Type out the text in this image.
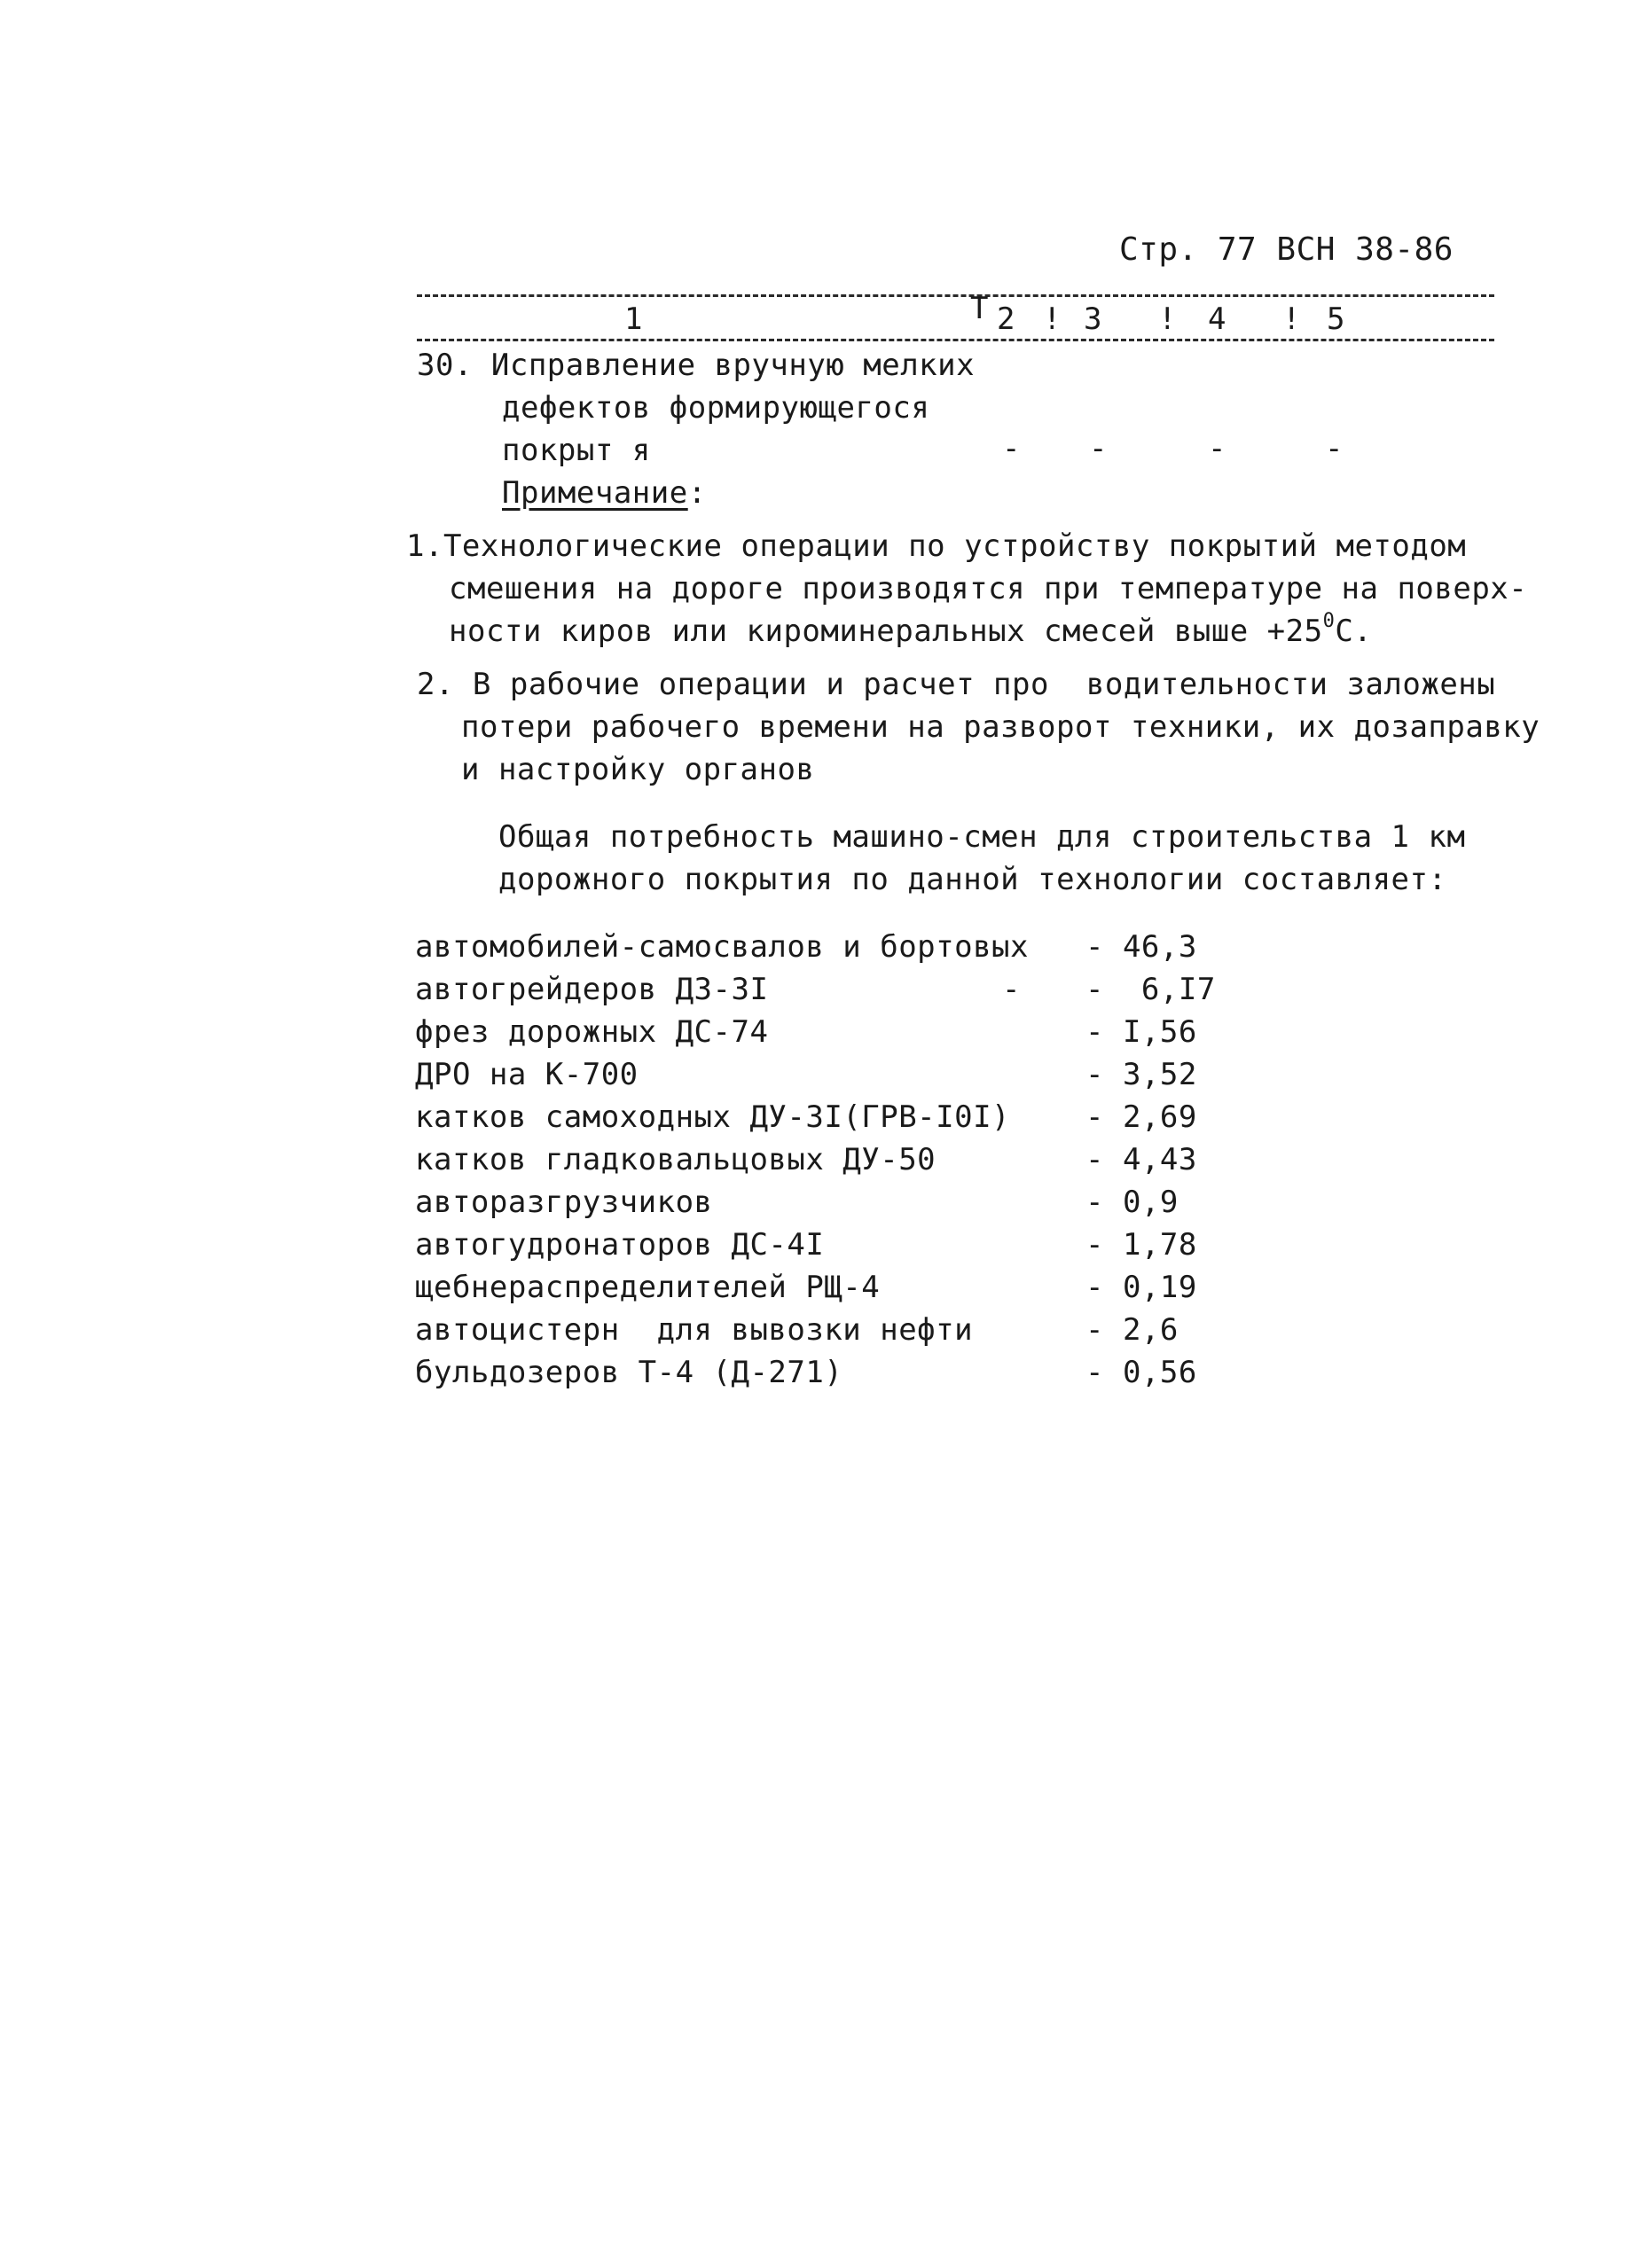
Стр. 77 ВСН 38-86
1	Т 2 ! 3 ! 4 ! 5
30. Исправление вручную мелких
дефектов формирующегося
покрыт я	- -	-	-
Примечание:
1.Технологические операции по устройству покрытий методом
смешения на дороге производятся при температуре на поверх-
ности киров или кироминеральных смесей выше $+25^0С$.
2. В рабочие операции и расчет про  водительности заложены
потери рабочего времени на разворот техники, их дозаправку
и настройку органов
Общая потребность машино-смен для строительства 1 км
дорожного покрытия по данной технологии составляет:
автомобилей-самосвалов и бортовых - 46,3
автогрейдеров ДЗ-3I	- -  6,I7
фрез дорожных ДС-74	- I,56
ДРО на К-700	- 3,52
катков самоходных ДУ-3I(ГРВ-I0I) - 2,69
катков гладковальцовых ДУ-50	- 4,43
авторазгрузчиков	- 0,9
автогудронаторов ДС-4I	- 1,78
щебнераспределителей РЩ-4	- 0,19
автоцистерн  для вывозки нефти	- 2,6
бульдозеров Т-4 (Д-271)	- 0,56
